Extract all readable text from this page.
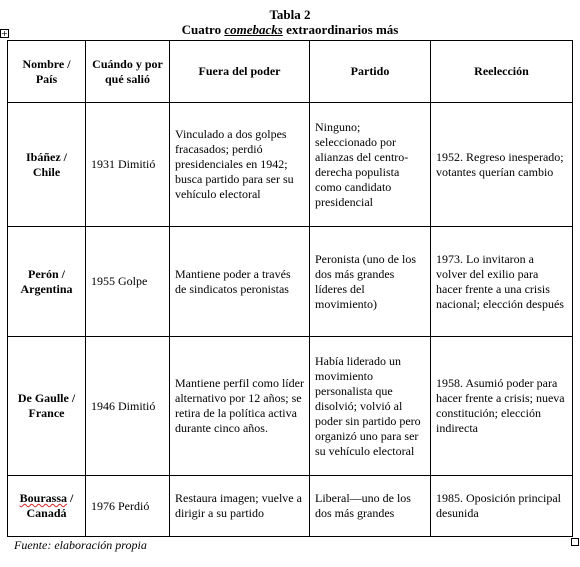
Tabla 2
Cuatro comebacks extraordinarios más
+
Nombre / País	Cuándo y por qué salió	Fuera del poder	Partido	Reelección
Ibáñez / Chile	1931 Dimitió	Vinculado a dos golpes fracasados; perdió presidenciales en 1942; busca partido para ser su vehículo electoral	Ninguno; seleccionado por alianzas del centro-derecha populista como candidato presidencial	1952. Regreso inesperado; votantes querían cambio
Perón / Argentina	1955 Golpe	Mantiene poder a través de sindicatos peronistas	Peronista (uno de los dos más grandes líderes del movimiento)	1973. Lo invitaron a volver del exilio para hacer frente a una crisis nacional; elección después
De Gaulle / France	1946 Dimitió	Mantiene perfil como líder alternativo por 12 años; se retira de la política activa durante cinco años.	Había liderado un movimiento personalista que disolvió; volvió al poder sin partido pero organizó uno para ser su vehículo electoral	1958. Asumió poder para hacer frente a crisis; nueva constitución; elección indirecta
Bourassa / Canadá	1976 Perdió	Restaura imagen; vuelve a dirigir a su partido	Liberal—uno de los dos más grandes	1985. Oposición principal desunida
Fuente: elaboración propia
